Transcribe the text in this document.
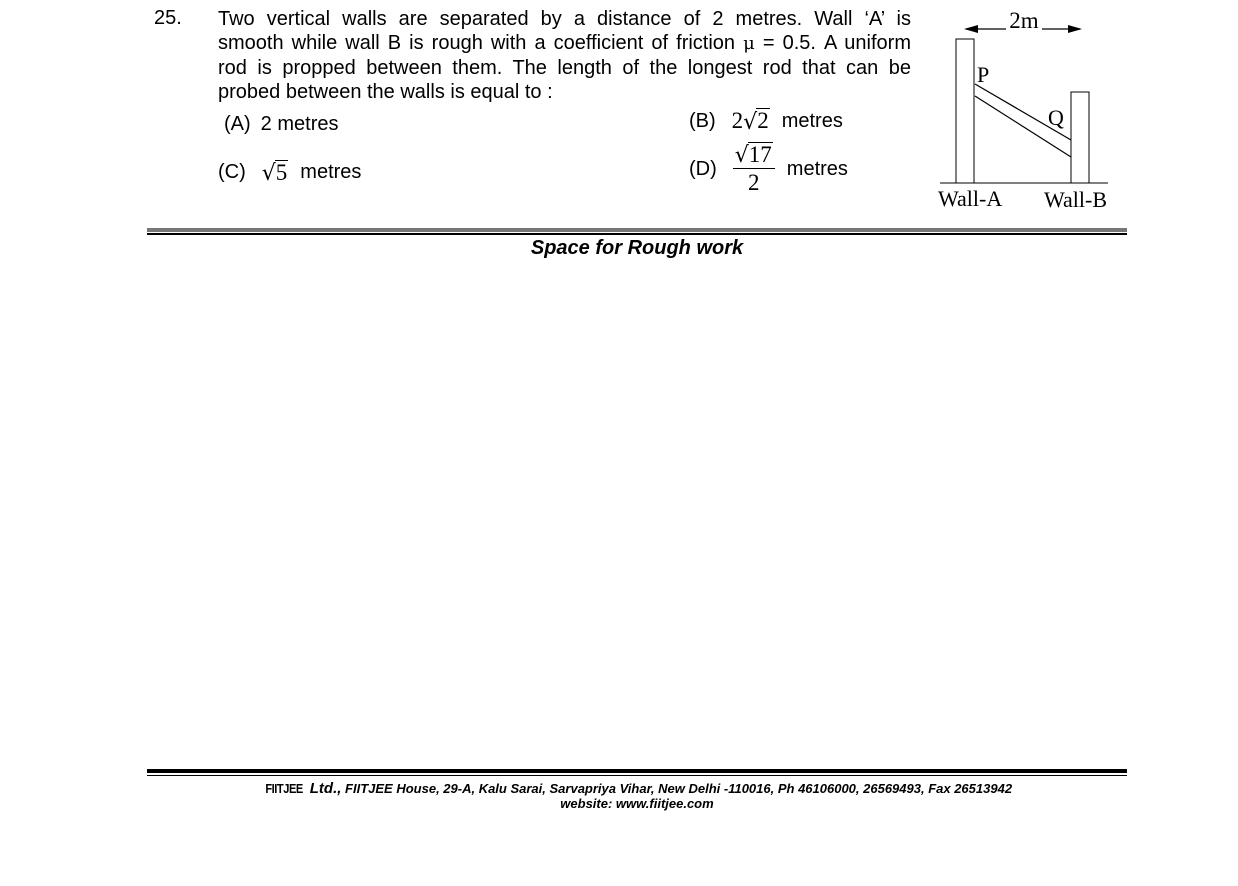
25. Two vertical walls are separated by a distance of 2 metres. Wall ‘A’ is
smooth while wall B is rough with a coefficient of friction μ = 0.5. A uniform
rod is propped between them. The length of the longest rod that can be
probed between the walls is equal to :
(A) 2 metres	(B) 2 √ 2 metres
(C) √ 5 metres	$(D) \frac{√ 17}{2}$ metres
2m
P
Q
Wall-A Wall-B
Space for Rough work
FIITJEE Ltd., FIITJEE House, 29-A, Kalu Sarai, Sarvapriya Vihar, New Delhi -110016, Ph 46106000, 26569493, Fax 26513942
website: www.fiitjee.com
